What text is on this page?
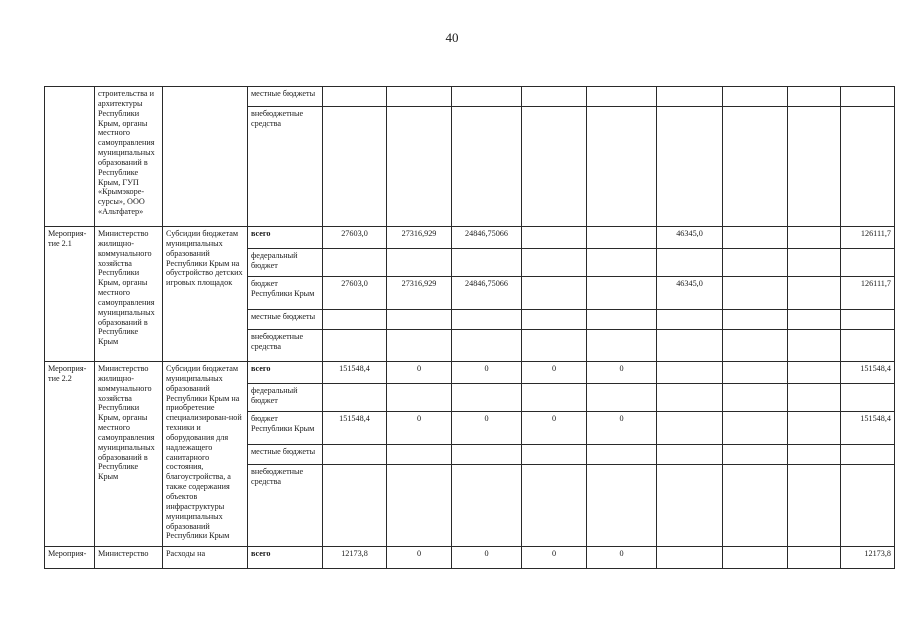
40
	строительства и архитектуры Республики Крым, органы местного самоуправления муниципальных образований в Республике Крым, ГУП «Крымэкоре-сурсы», ООО «Альтфатер»		местные бюджеты									
			внебюджетные средства									
Мероприя-тие 2.1	Министерство жилищно-коммунального хозяйства Республики Крым, органы местного самоуправления муниципальных образований в Республике Крым	Субсидии бюджетам муниципальных образований Республики Крым на обустройство детских игровых площадок	всего	27603,0	27316,929	24846,75066			46345,0			126111,7
			федеральный бюджет									
			бюджет Республики Крым	27603,0	27316,929	24846,75066			46345,0			126111,7
			местные бюджеты									
			внебюджетные средства									
Мероприя-тие 2.2	Министерство жилищно-коммунального хозяйства Республики Крым, органы местного самоуправления муниципальных образований в Республике Крым	Субсидии бюджетам муниципальных образований Республики Крым на приобретение специализирован-ной техники и оборудования для надлежащего санитарного состояния, благоустройства, а также содержания объектов инфраструктуры муниципальных образований Республики Крым	всего	151548,4	0	0	0	0				151548,4
			федеральный бюджет									
			бюджет Республики Крым	151548,4	0	0	0	0				151548,4
			местные бюджеты									
			внебюджетные средства									
Мероприя-	Министерство	Расходы на	всего	12173,8	0	0	0	0				12173,8
